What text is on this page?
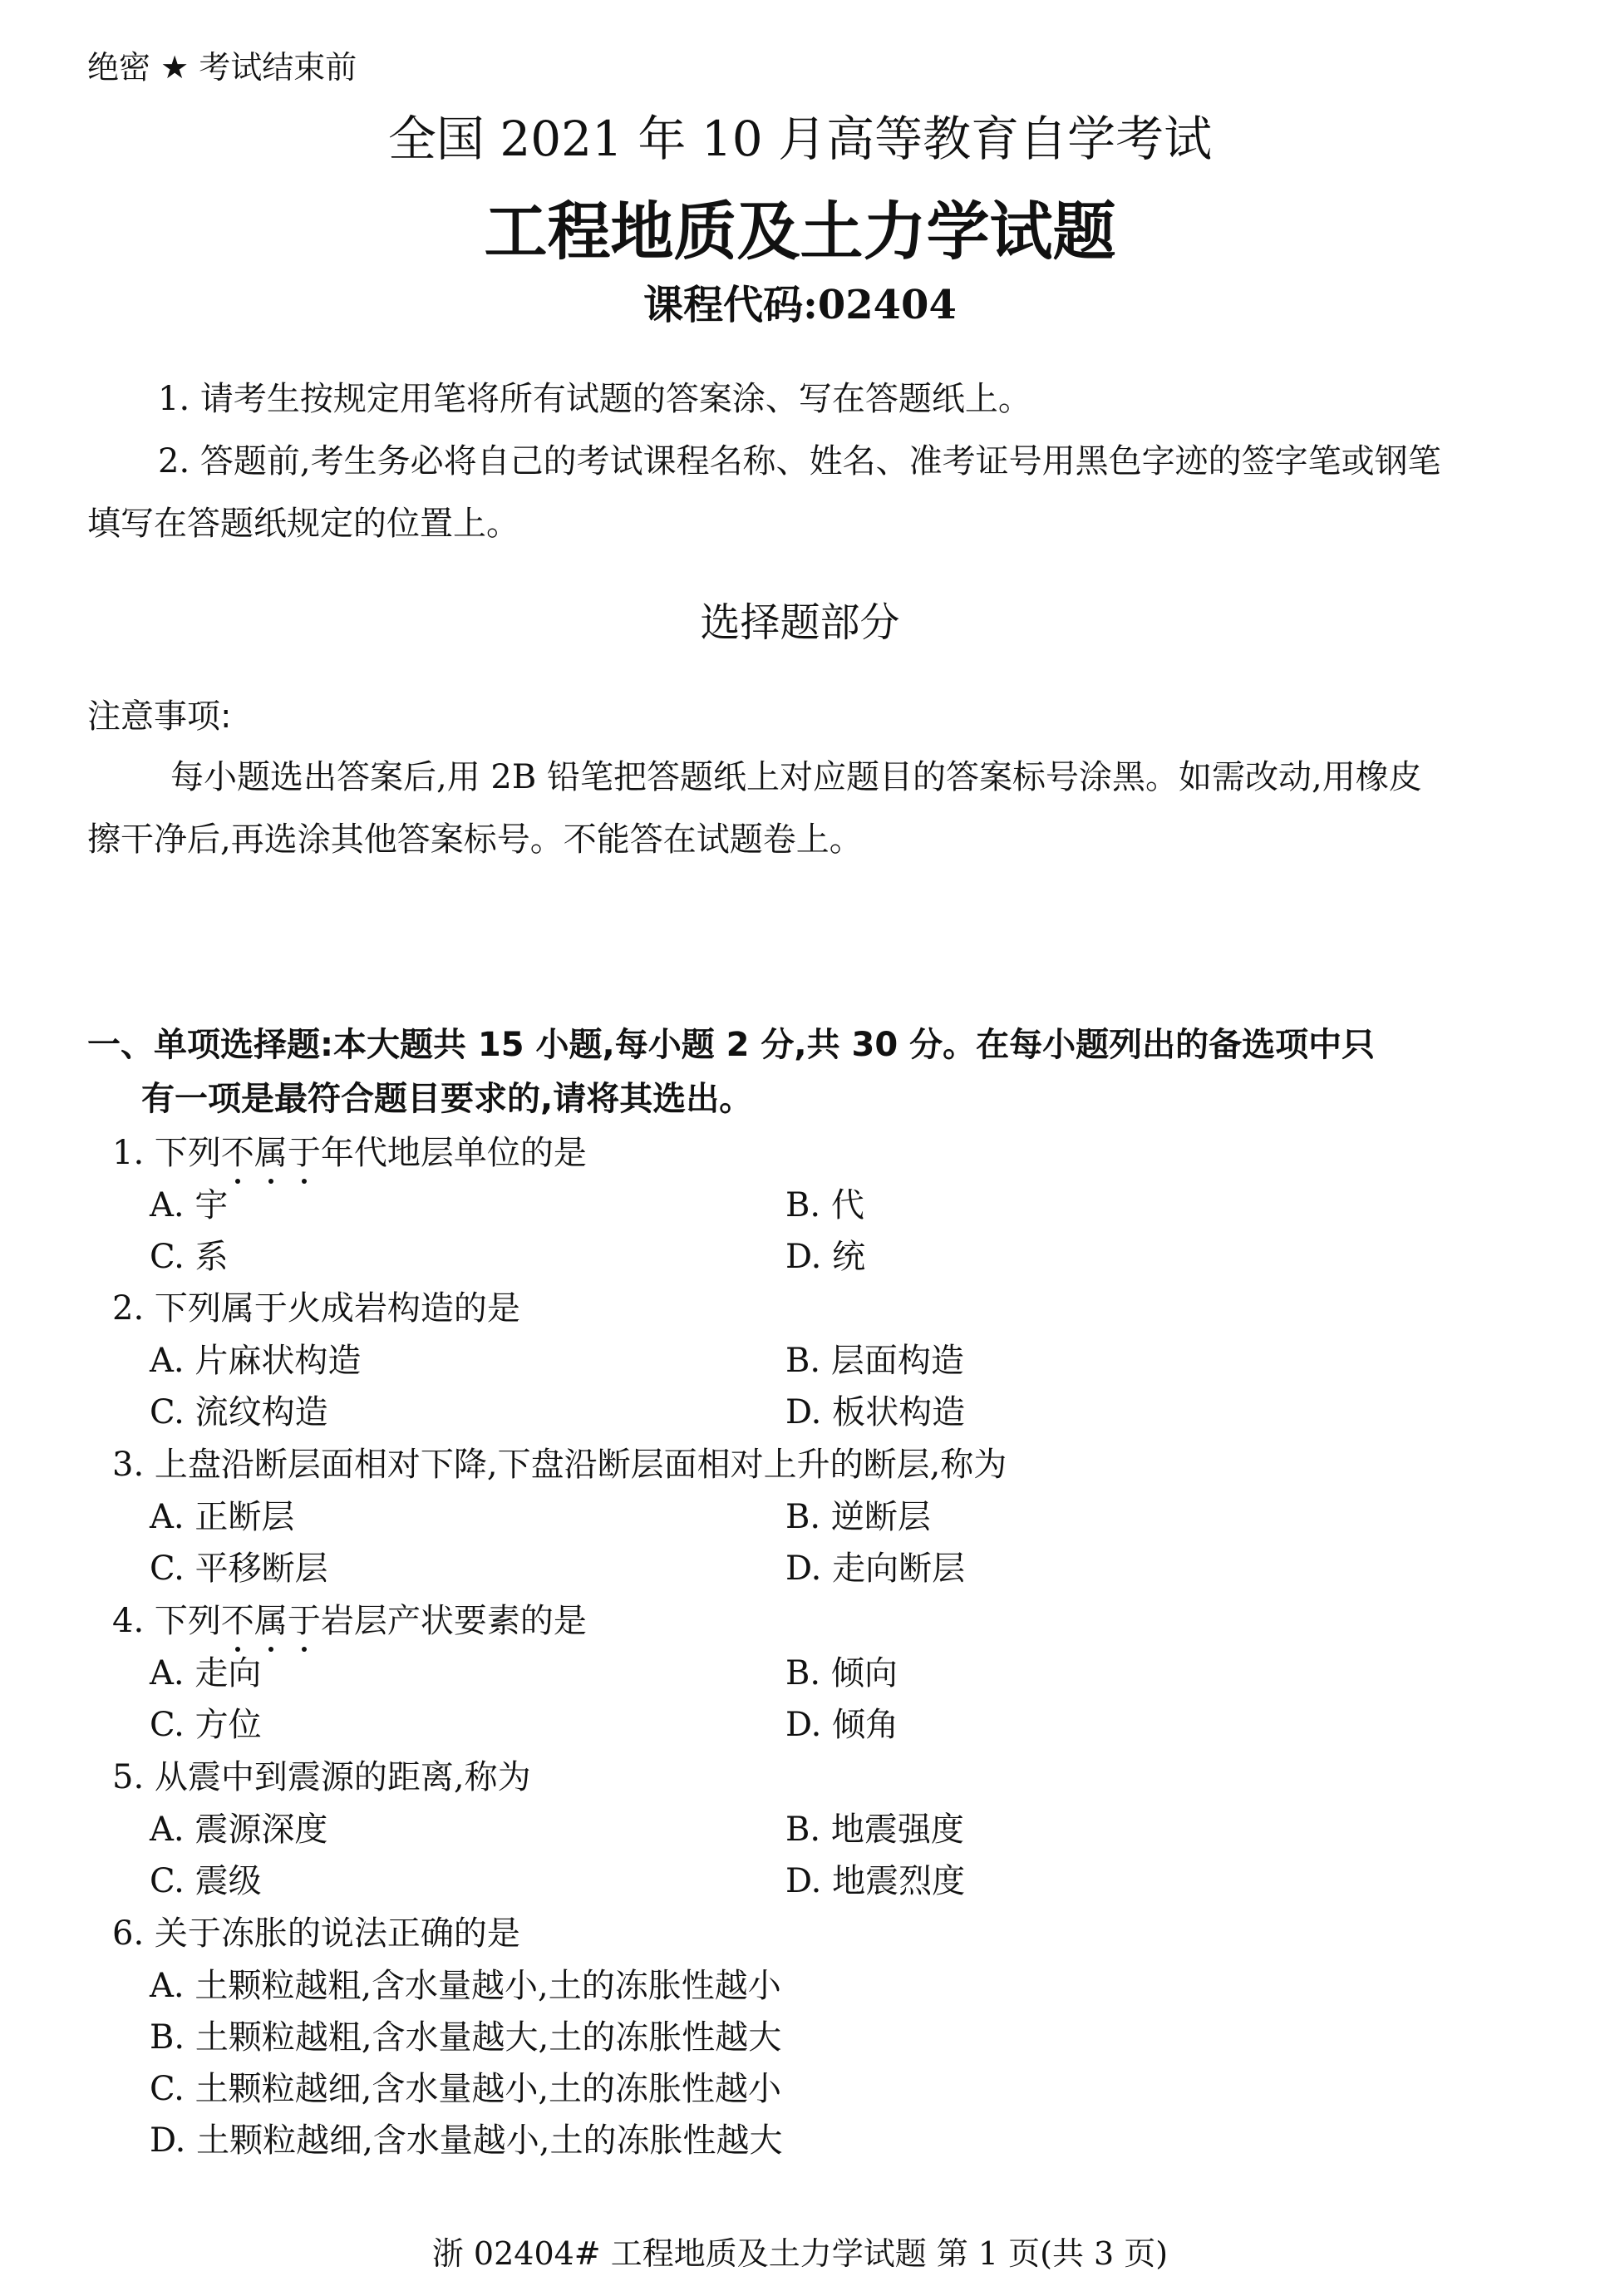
绝密 ★ 考试结束前
全国 2021 年 10 月高等教育自学考试
工程地质及土力学试题
课程代码:02404
1. 请考生按规定用笔将所有试题的答案涂、写在答题纸上。
2. 答题前,考生务必将自己的考试课程名称、姓名、准考证号用黑色字迹的签字笔或钢笔
填写在答题纸规定的位置上。
选择题部分
注意事项:
每小题选出答案后,用 2B 铅笔把答题纸上对应题目的答案标号涂黑。如需改动,用橡皮
擦干净后,再选涂其他答案标号。不能答在试题卷上。
一、单项选择题:本大题共 15 小题,每小题 2 分,共 30 分。在每小题列出的备选项中只
有一项是最符合题目要求的,请将其选出。
1. 下列不属于年代地层单位的是
A. 宇	B. 代
C. 系	D. 统
2. 下列属于火成岩构造的是
A. 片麻状构造	B. 层面构造
C. 流纹构造	D. 板状构造
3. 上盘沿断层面相对下降,下盘沿断层面相对上升的断层,称为
A. 正断层	B. 逆断层
C. 平移断层	D. 走向断层
4. 下列不属于岩层产状要素的是
A. 走向	B. 倾向
C. 方位	D. 倾角
5. 从震中到震源的距离,称为
A. 震源深度	B. 地震强度
C. 震级	D. 地震烈度
6. 关于冻胀的说法正确的是
A. 土颗粒越粗,含水量越小,土的冻胀性越小
B. 土颗粒越粗,含水量越大,土的冻胀性越大
C. 土颗粒越细,含水量越小,土的冻胀性越小
D. 土颗粒越细,含水量越小,土的冻胀性越大
浙 02404# 工程地质及土力学试题 第 1 页(共 3 页)
